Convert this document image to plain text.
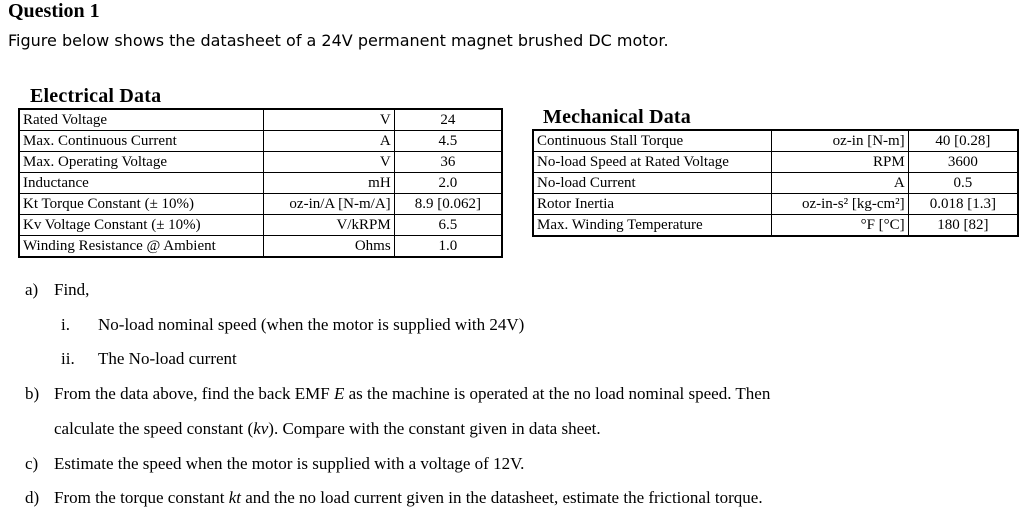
Question 1
Figure below shows the datasheet of a 24V permanent magnet brushed DC motor.
Electrical Data
Rated Voltage	V	24
Max. Continuous Current	A	4.5
Max. Operating Voltage	V	36
Inductance	mH	2.0
Kt Torque Constant (± 10%)	oz-in/A [N-m/A]	8.9 [0.062]
Kv Voltage Constant (± 10%)	V/kRPM	6.5
Winding Resistance @ Ambient	Ohms	1.0
Mechanical Data
Continuous Stall Torque	oz-in [N-m]	40 [0.28]
No-load Speed at Rated Voltage	RPM	3600
No-load Current	A	0.5
Rotor Inertia	oz-in-s² [kg-cm²]	0.018 [1.3]
Max. Winding Temperature	°F [°C]	180 [82]
a) Find,
i. No-load nominal speed (when the motor is supplied with 24V)
ii. The No-load current
b) From the data above, find the back EMF E as the machine is operated at the no load nominal speed. Then
calculate the speed constant (kv). Compare with the constant given in data sheet.
c) Estimate the speed when the motor is supplied with a voltage of 12V.
d) From the torque constant kt and the no load current given in the datasheet, estimate the frictional torque.
